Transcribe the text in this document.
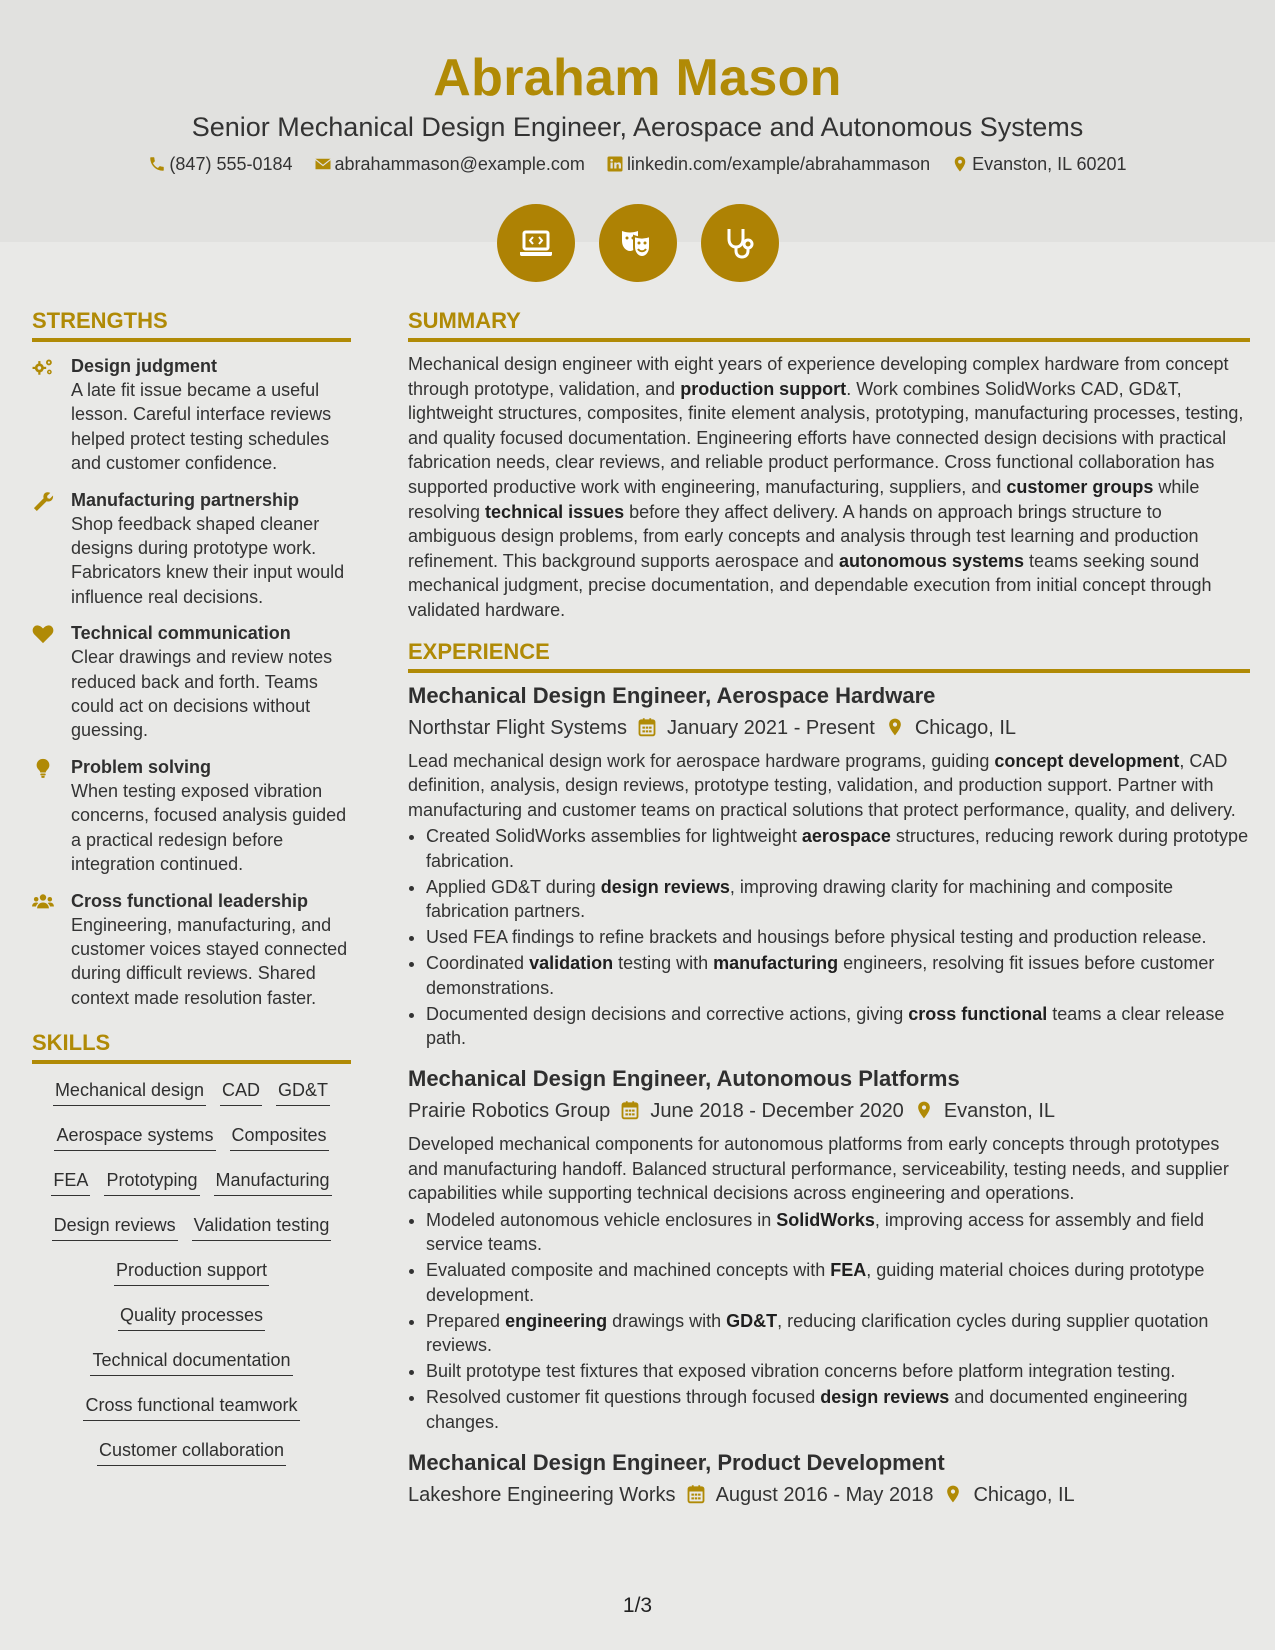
Abraham Mason
Senior Mechanical Design Engineer, Aerospace and Autonomous Systems
(847) 555-0184 abrahammason@example.com linkedin.com/example/abrahammason Evanston, IL 60201

STRENGTHS
Design judgment
A late fit issue became a useful lesson. Careful interface reviews helped protect testing schedules and customer confidence.
Manufacturing partnership
Shop feedback shaped cleaner designs during prototype work. Fabricators knew their input would influence real decisions.
Technical communication
Clear drawings and review notes reduced back and forth. Teams could act on decisions without guessing.
Problem solving
When testing exposed vibration concerns, focused analysis guided a practical redesign before integration continued.
Cross functional leadership
Engineering, manufacturing, and customer voices stayed connected during difficult reviews. Shared context made resolution faster.
SKILLS
Mechanical design CAD GD&T
Aerospace systems Composites
FEA Prototyping Manufacturing
Design reviews Validation testing
Production support
Quality processes
Technical documentation
Cross functional teamwork
Customer collaboration
SUMMARY
Mechanical design engineer with eight years of experience developing complex hardware from concept through prototype, validation, and production support. Work combines SolidWorks CAD, GD&T, lightweight structures, composites, finite element analysis, prototyping, manufacturing processes, testing, and quality focused documentation. Engineering efforts have connected design decisions with practical fabrication needs, clear reviews, and reliable product performance. Cross functional collaboration has supported productive work with engineering, manufacturing, suppliers, and customer groups while resolving technical issues before they affect delivery. A hands on approach brings structure to ambiguous design problems, from early concepts and analysis through test learning and production refinement. This background supports aerospace and autonomous systems teams seeking sound mechanical judgment, precise documentation, and dependable execution from initial concept through validated hardware.
EXPERIENCE
Mechanical Design Engineer, Aerospace Hardware
Northstar Flight Systems January 2021 - Present Chicago, IL
Lead mechanical design work for aerospace hardware programs, guiding concept development, CAD definition, analysis, design reviews, prototype testing, validation, and production support. Partner with manufacturing and customer teams on practical solutions that protect performance, quality, and delivery.
• Created SolidWorks assemblies for lightweight aerospace structures, reducing rework during prototype fabrication.
• Applied GD&T during design reviews, improving drawing clarity for machining and composite fabrication partners.
• Used FEA findings to refine brackets and housings before physical testing and production release.
• Coordinated validation testing with manufacturing engineers, resolving fit issues before customer demonstrations.
• Documented design decisions and corrective actions, giving cross functional teams a clear release path.
Mechanical Design Engineer, Autonomous Platforms
Prairie Robotics Group June 2018 - December 2020 Evanston, IL
Developed mechanical components for autonomous platforms from early concepts through prototypes and manufacturing handoff. Balanced structural performance, serviceability, testing needs, and supplier capabilities while supporting technical decisions across engineering and operations.
• Modeled autonomous vehicle enclosures in SolidWorks, improving access for assembly and field service teams.
• Evaluated composite and machined concepts with FEA, guiding material choices during prototype development.
• Prepared engineering drawings with GD&T, reducing clarification cycles during supplier quotation reviews.
• Built prototype test fixtures that exposed vibration concerns before platform integration testing.
• Resolved customer fit questions through focused design reviews and documented engineering changes.
Mechanical Design Engineer, Product Development
Lakeshore Engineering Works August 2016 - May 2018 Chicago, IL
1/3
